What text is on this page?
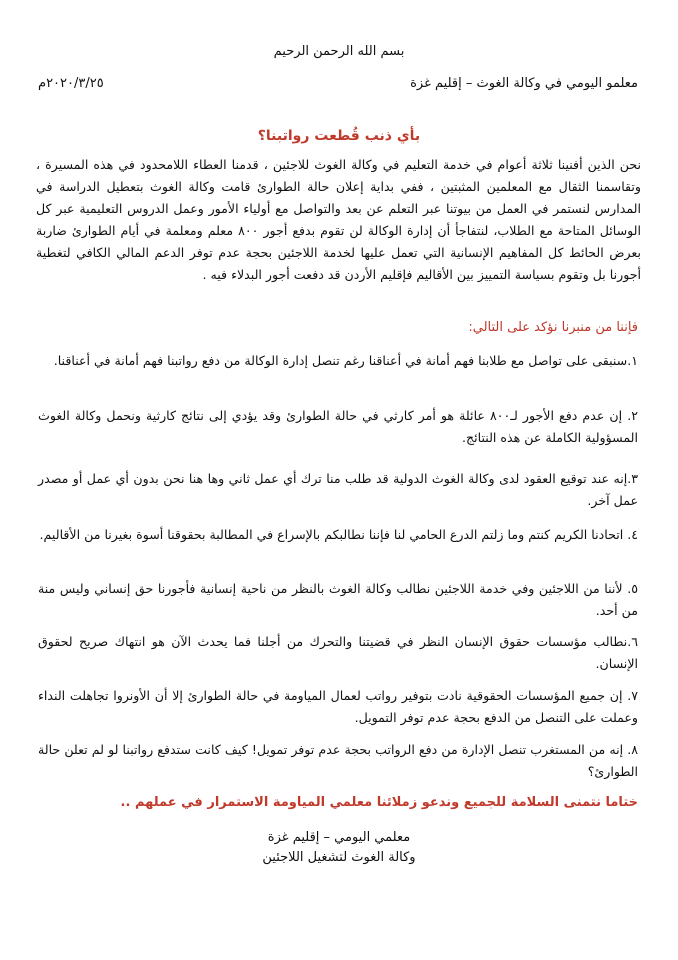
بسم الله الرحمن الرحيم
معلمو اليومي في وكالة الغوث – إقليم غزة
٢٠٢٠/٣/٢٥م
بأي ذنب قُطعت رواتبنا؟
نحن الذين أفنينا ثلاثة أعوام في خدمة التعليم في وكالة الغوث للاجئين ، قدمنا العطاء اللامحدود في هذه المسيرة ، وتقاسمنا الثقال مع المعلمين المثبتين ، ففي بداية إعلان حالة الطوارئ قامت وكالة الغوث بتعطيل الدراسة في المدارس لنستمر في العمل من بيوتنا عبر التعلم عن بعد والتواصل مع أولياء الأمور وعمل الدروس التعليمية عبر كل الوسائل المتاحة مع الطلاب، لنتفاجأ أن إدارة الوكالة لن تقوم بدفع أجور ٨٠٠ معلم ومعلمة في أيام الطوارئ ضاربة بعرض الحائط كل المفاهيم الإنسانية التي تعمل عليها لخدمة اللاجئين بحجة عدم توفر الدعم المالي الكافي لتغطية أجورنا بل وتقوم بسياسة التمييز بين الأقاليم فإقليم الأردن قد دفعت أجور البدلاء فيه .
فإننا من منبرنا نؤكد على التالي:
١.سنبقى على تواصل مع طلابنا فهم أمانة في أعناقنا رغم تنصل إدارة الوكالة من دفع رواتبنا فهم أمانة في أعناقنا.
٢. إن عدم دفع الأجور لـ٨٠٠ عائلة هو أمر كارثي في حالة الطوارئ وقد يؤدي إلى نتائج كارثية ونحمل وكالة الغوث المسؤولية الكاملة عن هذه النتائج.
٣.إنه عند توقيع العقود لدى وكالة الغوث الدولية قد طلب منا ترك أي عمل ثاني وها هنا نحن بدون أي عمل أو مصدر عمل آخر.
٤. اتحادنا الكريم كنتم وما زلتم الدرع الحامي لنا فإننا نطالبكم بالإسراع في المطالبة بحقوقنا أسوة بغيرنا من الأقاليم.
٥. لأننا من اللاجئين وفي خدمة اللاجئين نطالب وكالة الغوث بالنظر من ناحية إنسانية فأجورنا حق إنساني وليس منة من أحد.
٦.نطالب مؤسسات حقوق الإنسان النظر في قضيتنا والتحرك من أجلنا فما يحدث الآن هو انتهاك صريح لحقوق الإنسان.
٧. إن جميع المؤسسات الحقوقية نادت بتوفير رواتب لعمال المياومة في حالة الطوارئ إلا أن الأونروا تجاهلت النداء وعملت على التنصل من الدفع بحجة عدم توفر التمويل.
٨. إنه من المستغرب تنصل الإدارة من دفع الرواتب بحجة عدم توفر تمويل! كيف كانت ستدفع رواتبنا لو لم تعلن حالة الطوارئ؟
ختاما نتمنى السلامة للجميع وندعو زملائنا معلمي المياومة الاستمرار في عملهم ..
معلمي اليومي – إقليم غزة
وكالة الغوث لتشغيل اللاجئين
